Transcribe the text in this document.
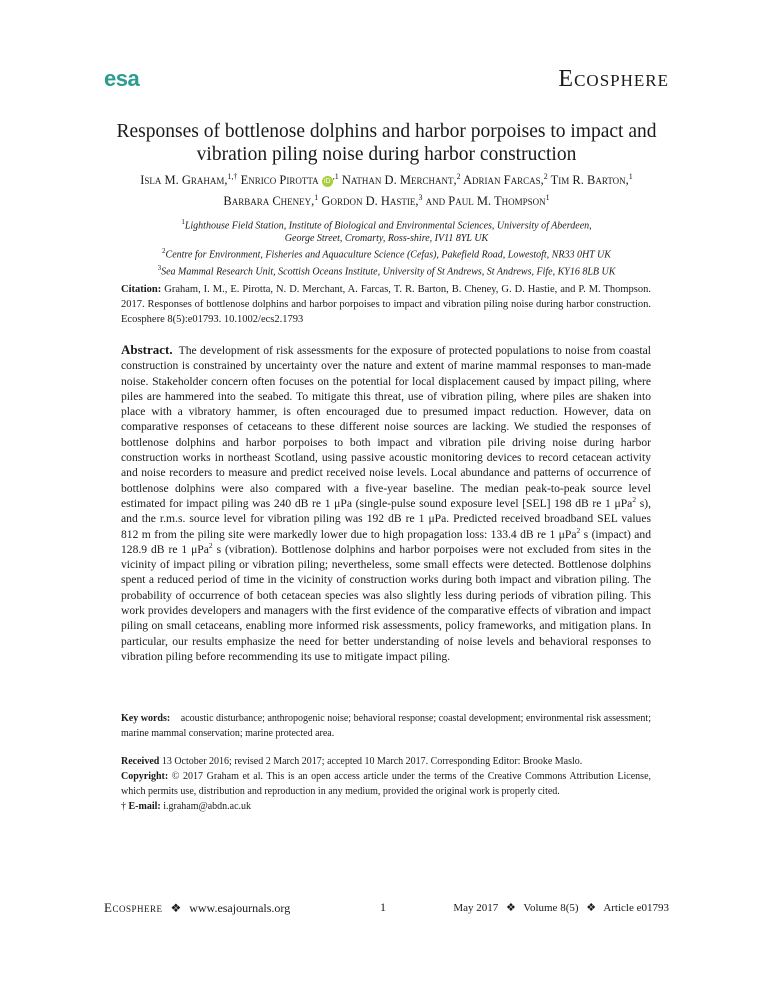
esa	Ecosphere
Responses of bottlenose dolphins and harbor porpoises to impact and vibration piling noise during harbor construction
Isla M. Graham,$^{1,\dagger}$ Enrico Pirotta $iD^{,1}$ Nathan D. Merchant,$^2$ Adrian Farcas,$^2$ Tim R. Barton,$^1$
Barbara Cheney,$^1$ Gordon D. Hastie,$^3$ and Paul M. Thompson$^1$
$^1$Lighthouse Field Station, Institute of Biological and Environmental Sciences, University of Aberdeen,
George Street, Cromarty, Ross-shire, IV11 8YL UK
$^2$Centre for Environment, Fisheries and Aquaculture Science (Cefas), Pakefield Road, Lowestoft, NR33 0HT UK
$^3$Sea Mammal Research Unit, Scottish Oceans Institute, University of St Andrews, St Andrews, Fife, KY16 8LB UK

Citation: Graham, I. M., E. Pirotta, N. D. Merchant, A. Farcas, T. R. Barton, B. Cheney, G. D. Hastie, and P. M. Thompson. 2017. Responses of bottlenose dolphins and harbor porpoises to impact and vibration piling noise during harbor construction. Ecosphere 8(5):e01793. 10.1002/ecs2.1793

Abstract. The development of risk assessments for the exposure of protected populations to noise from coastal construction is constrained by uncertainty over the nature and extent of marine mammal responses to man-made noise. Stakeholder concern often focuses on the potential for local displacement caused by impact piling, where piles are hammered into the seabed. To mitigate this threat, use of vibration piling, where piles are shaken into place with a vibratory hammer, is often encouraged due to presumed impact reduction. However, data on comparative responses of cetaceans to these different noise sources are lacking. We studied the responses of bottlenose dolphins and harbor porpoises to both impact and vibration pile driving noise during harbor construction works in northeast Scotland, using passive acoustic monitoring devices to record cetacean activity and noise recorders to measure and predict received noise levels. Local abundance and patterns of occurrence of bottlenose dolphins were also compared with a five-year baseline. The median peak-to-peak source level estimated for impact piling was 240 dB re 1 μPa (single-pulse sound exposure level [SEL] 198 dB re 1 μPa$^2$ s), and the r.m.s. source level for vibration piling was 192 dB re 1 μPa. Predicted received broadband SEL values 812 m from the piling site were markedly lower due to high propagation loss: 133.4 dB re 1 μPa$^2$ s (impact) and 128.9 dB re 1 μPa$^2$ s (vibration). Bottlenose dolphins and harbor porpoises were not excluded from sites in the vicinity of impact piling or vibration piling; nevertheless, some small effects were detected. Bottlenose dolphins spent a reduced period of time in the vicinity of construction works during both impact and vibration piling. The probability of occurrence of both cetacean species was also slightly less during periods of vibration piling. This work provides developers and managers with the first evidence of the comparative effects of vibration and impact piling on small cetaceans, enabling more informed risk assessments, policy frameworks, and mitigation plans. In particular, our results emphasize the need for better understanding of noise levels and behavioral responses to vibration piling before recommending its use to mitigate impact piling.

Key words: acoustic disturbance; anthropogenic noise; behavioral response; coastal development; environmental risk assessment; marine mammal conservation; marine protected area.

Received 13 October 2016; revised 2 March 2017; accepted 10 March 2017. Corresponding Editor: Brooke Maslo.

Copyright: © 2017 Graham et al. This is an open access article under the terms of the Creative Commons Attribution License, which permits use, distribution and reproduction in any medium, provided the original work is properly cited.

† E-mail: i.graham@abdn.ac.uk

Ecosphere ❖ www.esajournals.org	1	May 2017 ❖ Volume 8(5) ❖ Article e01793
